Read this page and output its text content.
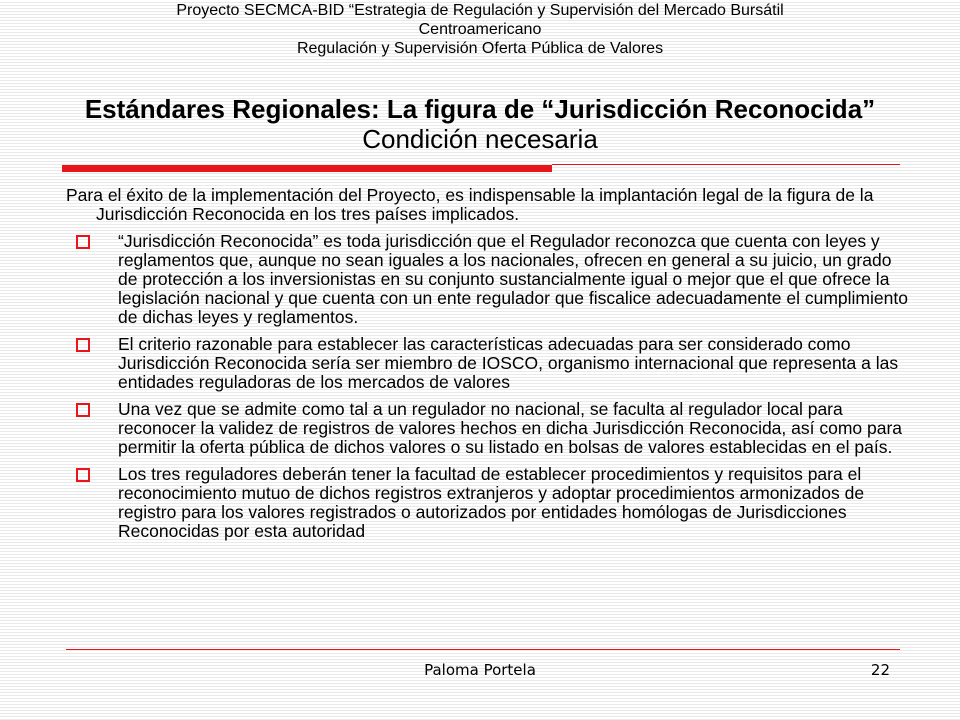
Proyecto SECMCA-BID “Estrategia de Regulación y Supervisión del Mercado Bursátil
Centroamericano
Regulación y Supervisión Oferta Pública de Valores
Estándares Regionales: La figura de “Jurisdicción Reconocida”
Condición necesaria

Para el éxito de la implementación del Proyecto, es indispensable la implantación legal de la figura de la Jurisdicción Reconocida en los tres países implicados.

“Jurisdicción Reconocida” es toda jurisdicción que el Regulador reconozca que cuenta con leyes y reglamentos que, aunque no sean iguales a los nacionales, ofrecen en general a su juicio, un grado de protección a los inversionistas en su conjunto sustancialmente igual o mejor que el que ofrece la legislación nacional y que cuenta con un ente regulador que fiscalice adecuadamente el cumplimiento de dichas leyes y reglamentos.
El criterio razonable para establecer las características adecuadas para ser considerado como Jurisdicción Reconocida sería ser miembro de IOSCO, organismo internacional que representa a las entidades reguladoras de los mercados de valores
Una vez que se admite como tal a un regulador no nacional, se faculta al regulador local para reconocer la validez de registros de valores hechos en dicha Jurisdicción Reconocida, así como para permitir la oferta pública de dichos valores o su listado en bolsas de valores establecidas en el país.
Los tres reguladores deberán tener la facultad de establecer procedimientos y requisitos para el reconocimiento mutuo de dichos registros extranjeros y adoptar procedimientos armonizados de registro para los valores registrados o autorizados por entidades homólogas de Jurisdicciones Reconocidas por esta autoridad
Paloma Portela	22
